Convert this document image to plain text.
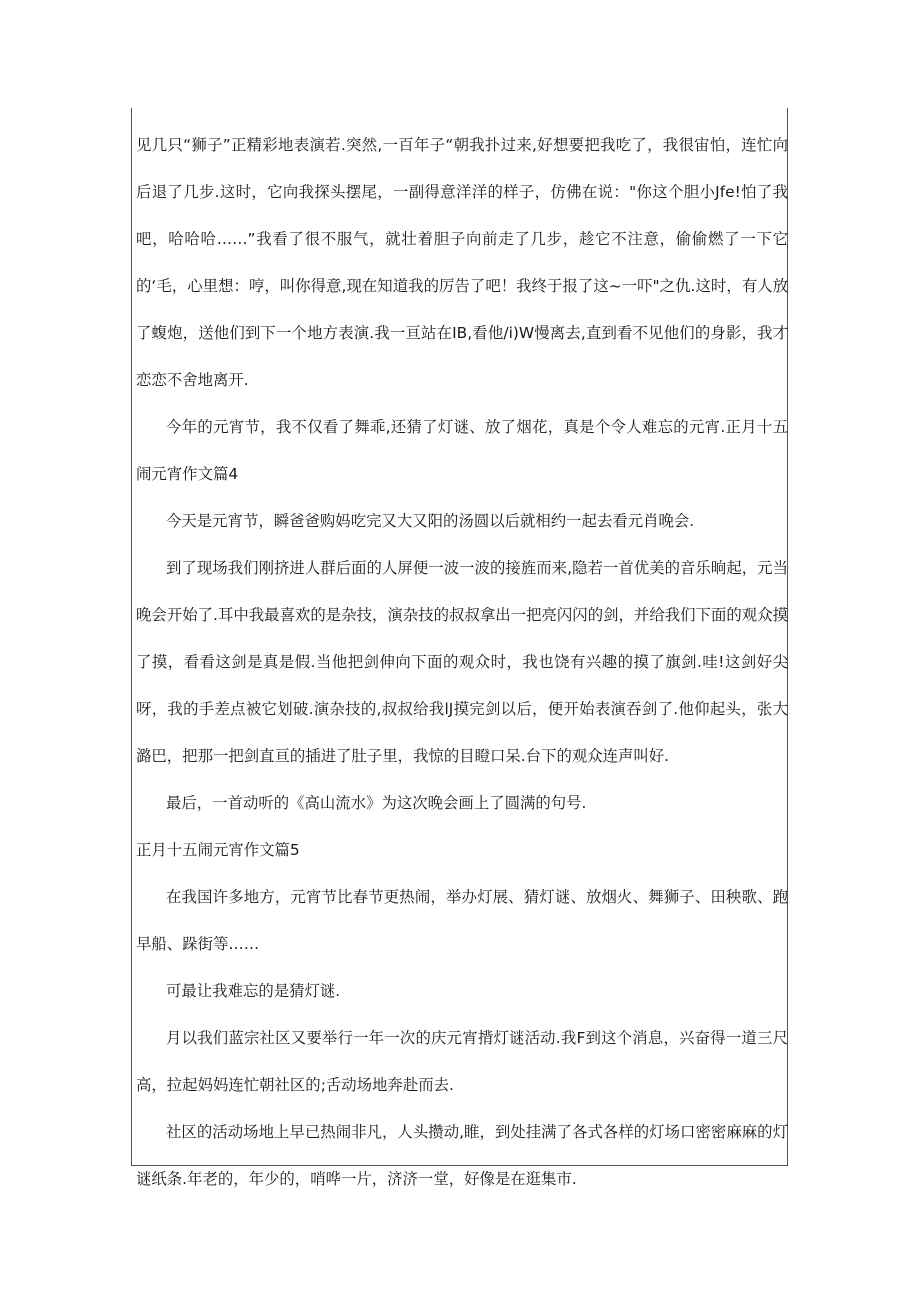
见几只“狮子”正精彩地表演若.突然,一百年子“朝我扑过来,好想要把我吃了，我很宙怕，连忙向后退了几步.这时，它向我探头摆尾，一副得意洋洋的样子，仿佛在说："你这个胆小Jfe!怕了我吧，哈哈哈……”我看了很不服气，就壮着胆子向前走了几步，趁它不注意，偷偷燃了一下它的‘毛，心里想：哼，叫你得意,现在知道我的厉告了吧！我终于报了这~一吓"之仇.这时，有人放了蝮炮，送他们到下一个地方表演.我一亘站在IB,看他/i)W慢离去,直到看不见他们的身影，我才恋恋不舍地离开.

今年的元宵节，我不仅看了舞乖,还猜了灯谜、放了烟花，真是个令人难忘的元宵.正月十五闹元宵作文篇4

今天是元宵节，瞬爸爸购妈吃完又大又阳的汤圆以后就相约一起去看元肖晚会.

到了现场我们刚挤进人群后面的人屏便一波一波的接旌而来,隐若一首优美的音乐晌起，元当晚会开始了.耳中我最喜欢的是杂技，演杂技的叔叔拿出一把亮闪闪的剑，并给我们下面的观众摸了摸，看看这剑是真是假.当他把剑伸向下面的观众时，我也饶有兴趣的摸了旗剑.哇!这剑好尖呀，我的手差点被它划破.演杂技的,叔叔给我lJ摸完剑以后，便开始表演吞剑了.他仰起头，张大潞巴，把那一把剑直亘的插进了肚子里，我惊的目瞪口呆.台下的观众连声叫好.

最后，一首动听的《高山流水》为这次晚会画上了圆满的句号.

正月十五闹元宵作文篇5

在我国许多地方，元宵节比春节更热闹，举办灯展、猜灯谜、放烟火、舞狮子、田秧歌、跑早船、跺街等……

可最让我难忘的是猜灯谜.

月以我们蓝宗社区又要举行一年一次的庆元宵揹灯谜活动.我F到这个消息，兴奋得一道三尺高，拉起妈妈连忙朝社区的;舌动场地奔赴而去.

社区的活动场地上早已热闹非凡，人头攒动,睢，到处挂满了各式各样的灯场口密密麻麻的灯谜纸条.年老的，年少的，哨哗一片，济济一堂，好像是在逛集市.
